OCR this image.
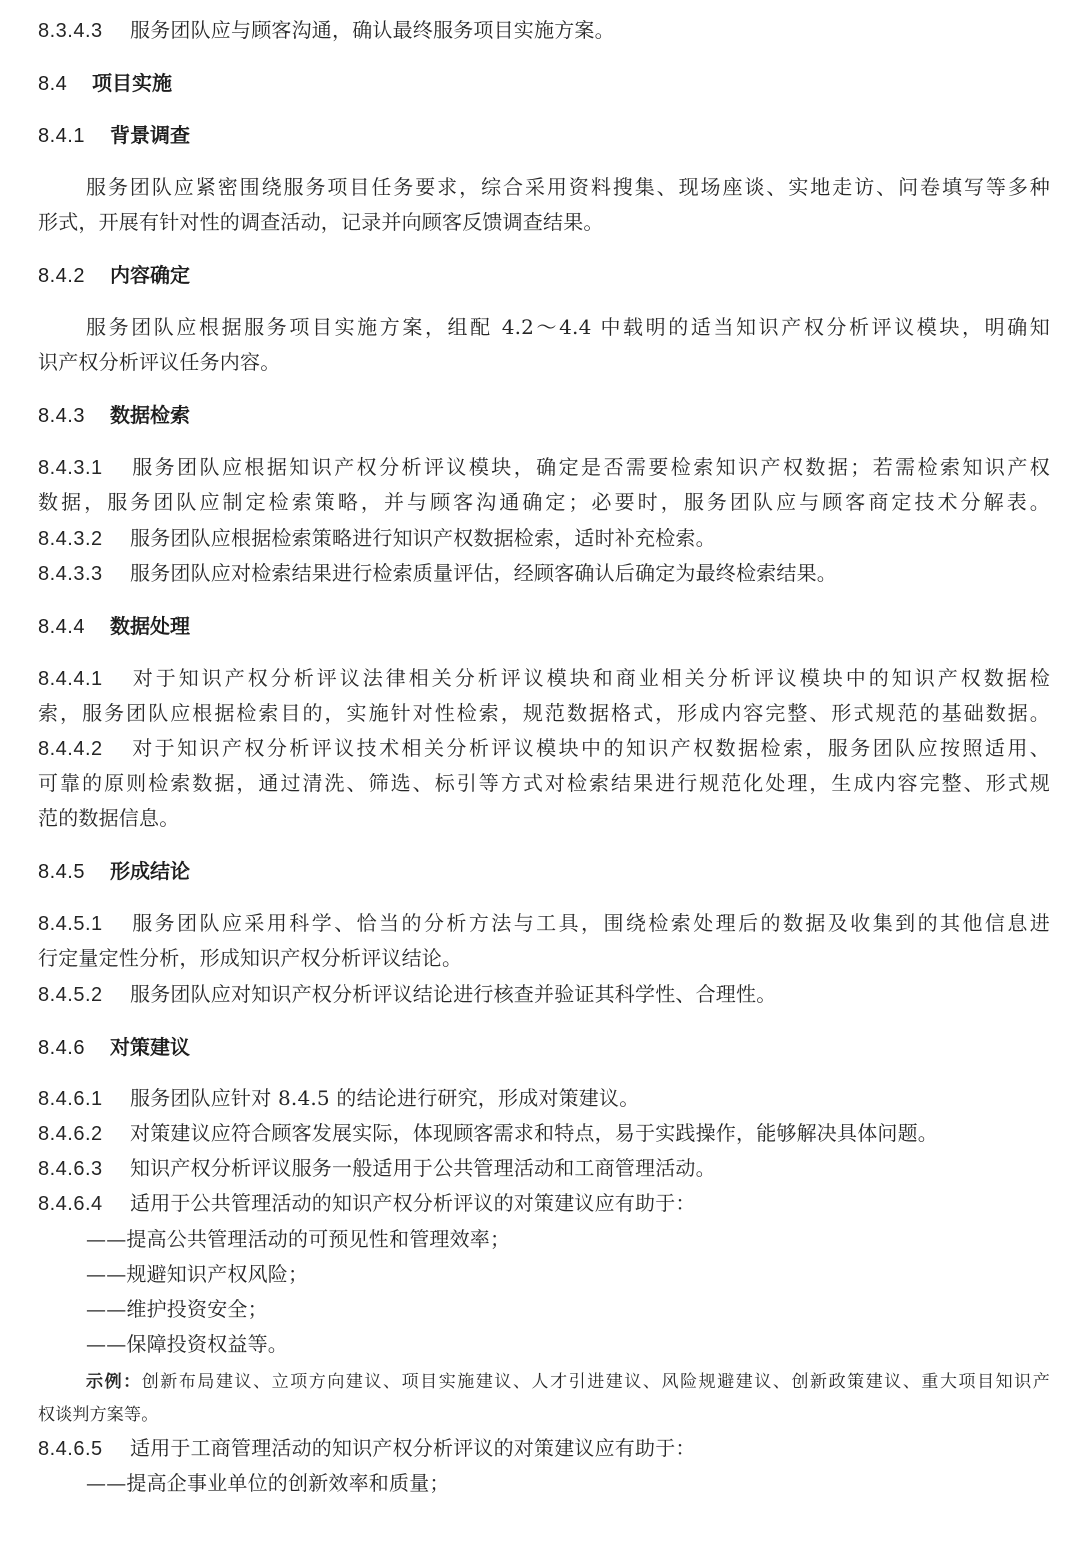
8.3.4.3 服务团队应与顾客沟通，确认最终服务项目实施方案。
8.4 项目实施
8.4.1 背景调查
服务团队应紧密围绕服务项目任务要求，综合采用资料搜集、现场座谈、实地走访、问卷填写等多种
形式，开展有针对性的调查活动，记录并向顾客反馈调查结果。
8.4.2 内容确定
服务团队应根据服务项目实施方案，组配 4.2～4.4 中载明的适当知识产权分析评议模块，明确知
识产权分析评议任务内容。
8.4.3 数据检索
8.4.3.1 服务团队应根据知识产权分析评议模块，确定是否需要检索知识产权数据；若需检索知识产权
数据，服务团队应制定检索策略，并与顾客沟通确定；必要时，服务团队应与顾客商定技术分解表。
8.4.3.2 服务团队应根据检索策略进行知识产权数据检索，适时补充检索。
8.4.3.3 服务团队应对检索结果进行检索质量评估，经顾客确认后确定为最终检索结果。
8.4.4 数据处理
8.4.4.1 对于知识产权分析评议法律相关分析评议模块和商业相关分析评议模块中的知识产权数据检
索，服务团队应根据检索目的，实施针对性检索，规范数据格式，形成内容完整、形式规范的基础数据。
8.4.4.2 对于知识产权分析评议技术相关分析评议模块中的知识产权数据检索，服务团队应按照适用、
可靠的原则检索数据，通过清洗、筛选、标引等方式对检索结果进行规范化处理，生成内容完整、形式规
范的数据信息。
8.4.5 形成结论
8.4.5.1 服务团队应采用科学、恰当的分析方法与工具，围绕检索处理后的数据及收集到的其他信息进
行定量定性分析，形成知识产权分析评议结论。
8.4.5.2 服务团队应对知识产权分析评议结论进行核查并验证其科学性、合理性。
8.4.6 对策建议
8.4.6.1 服务团队应针对 8.4.5 的结论进行研究，形成对策建议。
8.4.6.2 对策建议应符合顾客发展实际，体现顾客需求和特点，易于实践操作，能够解决具体问题。
8.4.6.3 知识产权分析评议服务一般适用于公共管理活动和工商管理活动。
8.4.6.4 适用于公共管理活动的知识产权分析评议的对策建议应有助于：
——提高公共管理活动的可预见性和管理效率；
——规避知识产权风险；
——维护投资安全；
——保障投资权益等。
示例：创新布局建议、立项方向建议、项目实施建议、人才引进建议、风险规避建议、创新政策建议、重大项目知识产
权谈判方案等。
8.4.6.5 适用于工商管理活动的知识产权分析评议的对策建议应有助于：
——提高企事业单位的创新效率和质量；
